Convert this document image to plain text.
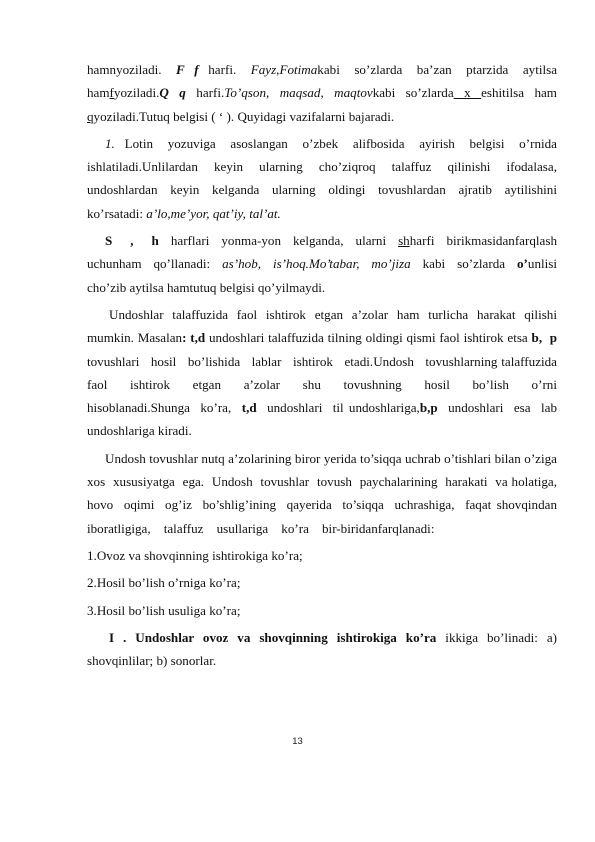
hamnyoziladi.   F  f  harfi.   Fayz,Fotimakabi   so’zlarda   ba’zan   ptarzida   aytilsa hamfyoziladi.Q  q  harfi.To’qson,  maqsad,  maqtovkabi  so’zlarda  x  eshitilsa  ham qyoziladi.Tutuq belgisi ( ‘ ). Quyidagi vazifalarni bajaradi.

1.  Lotin   yozuviga   asoslangan   o’zbek   alifbosida   ayirish   belgisi   o’rnida ishlatiladi.Unlilardan   keyin   ularning   cho’ziqroq   talaffuz   qilinishi   ifodalasa, undoshlardan  keyin  kelganda  ularning  oldingi  tovushlardan  ajratib  aytilishini ko’rsatadi: a’lo,me’yor, qat’iy, tal’at.

S   ,   h  harflari  yonma-yon  kelganda,  ularni  shharfi  birikmasidanfarqlash uchunham  qo’llanadi:  as’hob,  is’hoq.Mo’tabar,  mo’jiza  kabi  so’zlarda  o’unlisi cho’zib aytilsa hamtutuq belgisi qo’yilmaydi.

Undoshlar talaffuzida faol ishtirok etgan a’zolar ham turlicha harakat qilishi mumkin. Masalan: t,d undoshlari talaffuzida tilning oldingi qismi faol ishtirok etsa b,  p   tovushlari   hosil   bo’lishida   lablar   ishtirok   etadi.Undosh   tovushlarning talaffuzida   faol   ishtirok   etgan   a’zolar   shu   tovushning   hosil   bo’lish   o’rni hisoblanadi.Shunga  ko’ra,  t,d  undoshlari  til undoshlariga,b,p  undoshlari  esa  lab undoshlariga kiradi.

Undosh tovushlar nutq a’zolarining biror yerida to’siqqa uchrab o’tishlari bilan o’ziga  xos  xususiyatga  ega.  Undosh  tovushlar  tovush  paychalarining  harakati  va holatiga,  hovo  oqimi  og’iz  bo’shlig’ining  qayerida  to’siqqa  uchrashiga,  faqat shovqindan    iboratligiga,    talaffuz    usullariga    ko’ra    bir-biridanfarqlanadi:

1.Ovoz va shovqinning ishtirokiga ko’ra;

2.Hosil bo’lish o’rniga ko’ra;

3.Hosil bo’lish usuliga ko’ra;

I  .  Undoshlar  ovoz  va  shovqinning  ishtirokiga  ko’ra  ikkiga  bo’linadi:  a) shovqinlilar; b) sonorlar.

13
